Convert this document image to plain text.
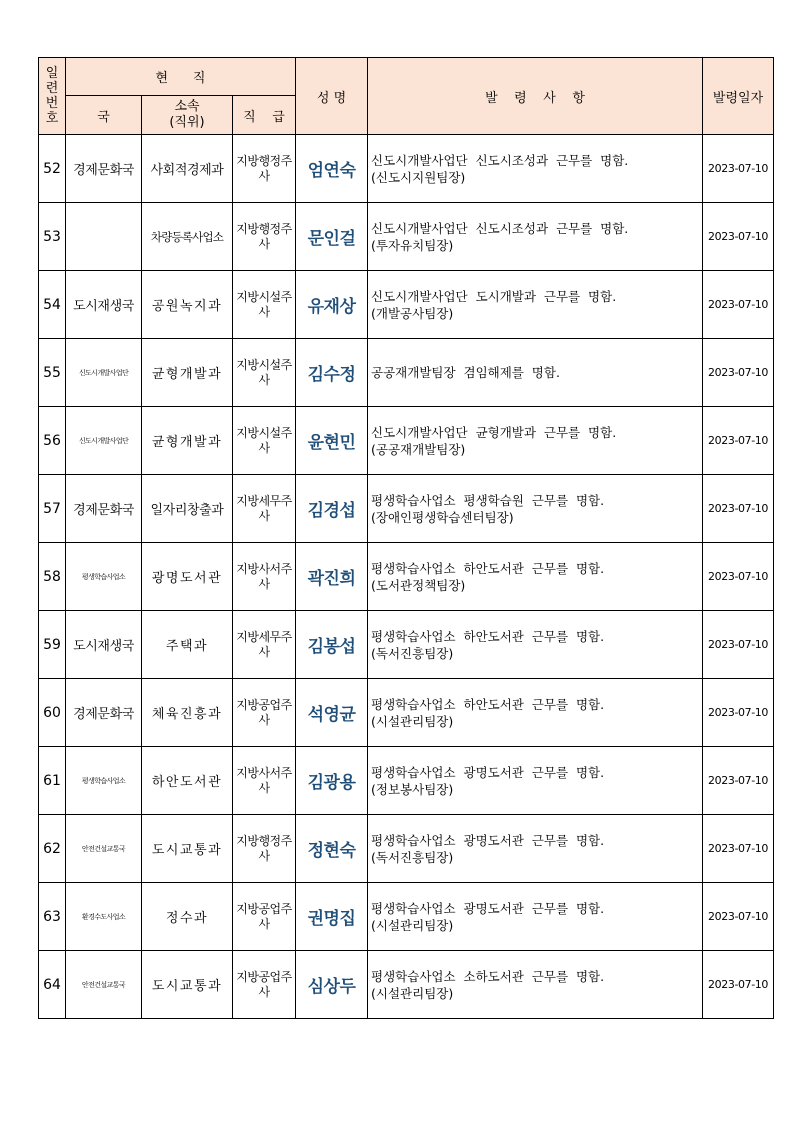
일
련
번
호	현      직			성 명	발    령    사    항	발령일자
	국	소속
(직위)	직    급			
52	경제문화국	사회적경제과	지방행정주사	엄연숙	신도시개발사업단  신도시조성과  근무를  명함.
(신도시지원팀장)	2023-07-10
53		차량등록사업소	지방행정주사	문인걸	신도시개발사업단  신도시조성과  근무를  명함.
(투자유치팀장)	2023-07-10
54	도시재생국	공원녹지과	지방시설주사	유재상	신도시개발사업단  도시개발과  근무를  명함.
(개발공사팀장)	2023-07-10
55	신도시개발사업단	균형개발과	지방시설주사	김수정	공공재개발팀장  겸임해제를  명함.	2023-07-10
56	신도시개발사업단	균형개발과	지방시설주사	윤현민	신도시개발사업단  균형개발과  근무를  명함.
(공공재개발팀장)	2023-07-10
57	경제문화국	일자리창출과	지방세무주사	김경섭	평생학습사업소  평생학습원  근무를  명함.
(장애인평생학습센터팀장)	2023-07-10
58	평생학습사업소	광명도서관	지방사서주사	곽진희	평생학습사업소  하안도서관  근무를  명함.
(도서관정책팀장)	2023-07-10
59	도시재생국	주택과	지방세무주사	김봉섭	평생학습사업소  하안도서관  근무를  명함.
(독서진흥팀장)	2023-07-10
60	경제문화국	체육진흥과	지방공업주사	석영균	평생학습사업소  하안도서관  근무를  명함.
(시설관리팀장)	2023-07-10
61	평생학습사업소	하안도서관	지방사서주사	김광용	평생학습사업소  광명도서관  근무를  명함.
(정보봉사팀장)	2023-07-10
62	안전건설교통국	도시교통과	지방행정주사	정현숙	평생학습사업소  광명도서관  근무를  명함.
(독서진흥팀장)	2023-07-10
63	환경수도사업소	정수과	지방공업주사	권명집	평생학습사업소  광명도서관  근무를  명함.
(시설관리팀장)	2023-07-10
64	안전건설교통국	도시교통과	지방공업주사	심상두	평생학습사업소  소하도서관  근무를  명함.
(시설관리팀장)	2023-07-10
